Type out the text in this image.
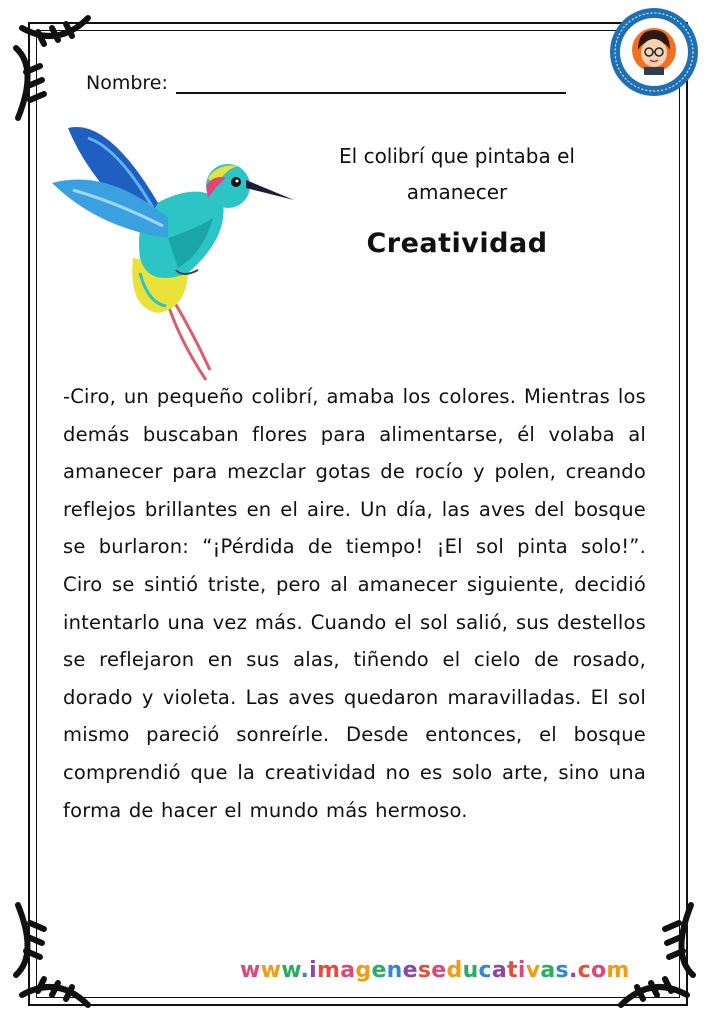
Nombre:
El colibrí que pintaba el amanecer
Creatividad
-Ciro, un pequeño colibrí, amaba los colores. Mientras los demás buscaban flores para alimentarse, él volaba al amanecer para mezclar gotas de rocío y polen, creando reflejos brillantes en el aire. Un día, las aves del bosque se burlaron: “¡Pérdida de tiempo! ¡El sol pinta solo!”. Ciro se sintió triste, pero al amanecer siguiente, decidió intentarlo una vez más. Cuando el sol salió, sus destellos se reflejaron en sus alas, tiñendo el cielo de rosado, dorado y violeta. Las aves quedaron maravilladas. El sol mismo pareció sonreírle. Desde entonces, el bosque comprendió que la creatividad no es solo arte, sino una forma de hacer el mundo más hermoso.
www.imageneseducativas.com
